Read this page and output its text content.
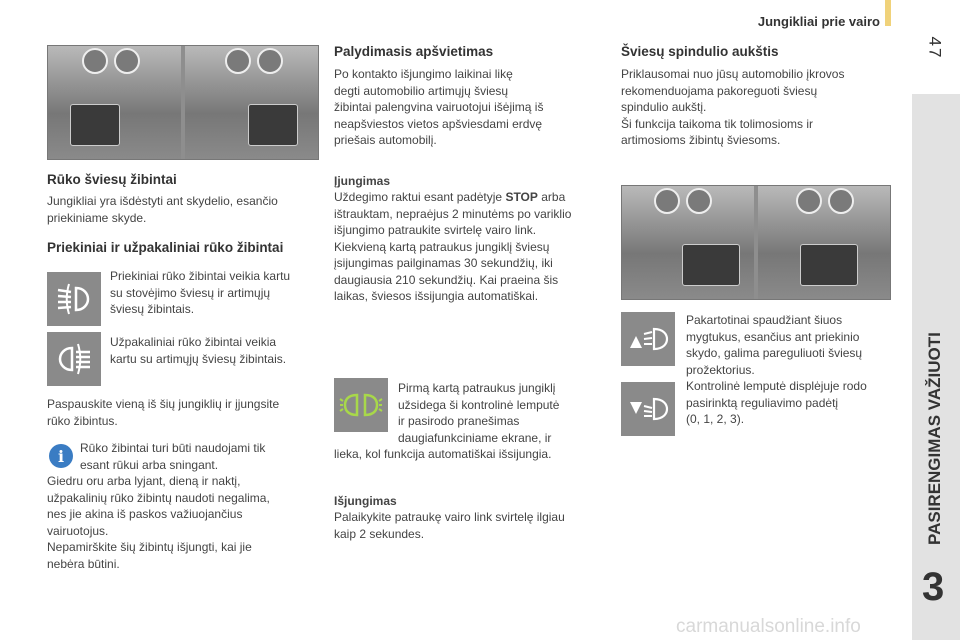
Jungikliai prie vairo
47
PASIRENGIMAS VAŽIUOTI
3
Rūko šviesų žibintai

Jungikliai yra išdėstyti ant skydelio, esančio

priekiniame skyde.

Priekiniai ir užpakaliniai rūko žibintai

Priekiniai rūko žibintai veikia kartu

su stovėjimo šviesų ir artimųjų

šviesų žibintais.

Užpakaliniai rūko žibintai veikia

kartu su artimųjų šviesų žibintais.

Paspauskite vieną iš šių jungiklių ir įjungsite

rūko žibintus.

i	Rūko žibintai turi būti naudojami tik

esant rūkui arba sningant.

Giedru oru arba lyjant, dieną ir naktį,

užpakalinių rūko žibintų naudoti negalima,

nes jie akina iš paskos važiuojančius

vairuotojus.

Nepamirškite šių žibintų išjungti, kai jie

nebėra būtini.

Palydimasis apšvietimas

Po kontakto išjungimo laikinai likę

degti automobilio artimųjų šviesų

žibintai palengvina vairuotojui išėjimą iš

neapšviestos vietos apšviesdami erdvę

priešais automobilį.

Įjungimas

Uždegimo raktui esant padėtyje STOP arba

ištrauktam, nepraėjus 2 minutėms po variklio

išjungimo patraukite svirtelę vairo link.

Kiekvieną kartą patraukus jungiklį šviesų

įsijungimas pailginamas 30 sekundžių, iki

daugiausia 210 sekundžių. Kai praeina šis

laikas, šviesos išsijungia automatiškai.

Pirmą kartą patraukus jungiklį

užsidega ši kontrolinė lemputė

ir pasirodo pranešimas

daugiafunkciniame ekrane, ir

lieka, kol funkcija automatiškai išsijungia.
Išjungimas

Palaikykite patraukę vairo link svirtelę ilgiau

kaip 2 sekundes.

Šviesų spindulio aukštis

Priklausomai nuo jūsų automobilio įkrovos

rekomenduojama pakoreguoti šviesų

spindulio aukštį.

Ši funkcija taikoma tik tolimosioms ir

artimosioms žibintų šviesoms.

Pakartotinai spaudžiant šiuos

mygtukus, esančius ant priekinio

skydo, galima pareguliuoti šviesų

prožektorius.

Kontrolinė lemputė displėjuje rodo

pasirinktą reguliavimo padėtį

(0, 1, 2, 3).

carmanualsonline.info
